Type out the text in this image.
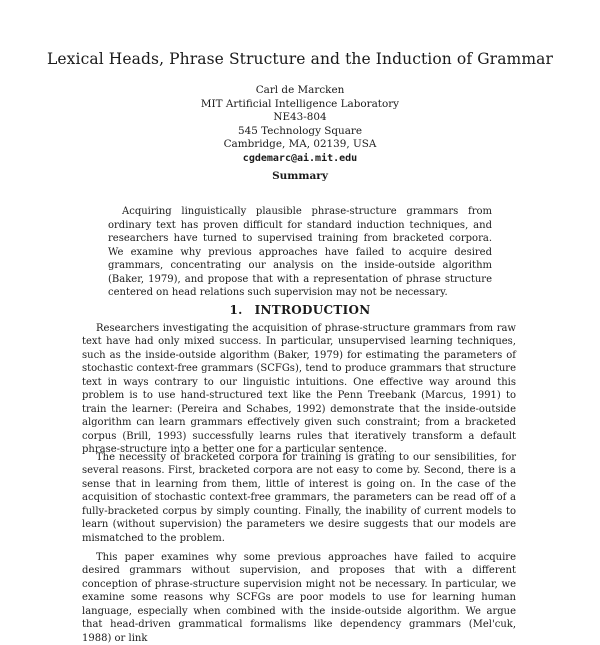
Lexical Heads, Phrase Structure and the Induction of Grammar
Carl de Marcken
MIT Artificial Intelligence Laboratory
NE43-804
545 Technology Square
Cambridge, MA, 02139, USA
cgdemarc@ai.mit.edu
Summary

Acquiring linguistically plausible phrase-structure grammars from ordinary text has proven difficult for standard induction techniques, and researchers have turned to supervised training from bracketed corpora. We examine why previous approaches have failed to acquire desired grammars, concentrating our analysis on the inside-outside algorithm (Baker, 1979), and propose that with a representation of phrase structure centered on head relations such supervision may not be necessary.

1. INTRODUCTION

Researchers investigating the acquisition of phrase-structure grammars from raw text have had only mixed success. In particular, unsupervised learning techniques, such as the inside-outside algorithm (Baker, 1979) for estimating the parameters of stochastic context-free grammars (SCFGs), tend to produce grammars that structure text in ways contrary to our linguistic intuitions. One effective way around this problem is to use hand-structured text like the Penn Treebank (Marcus, 1991) to train the learner: (Pereira and Schabes, 1992) demonstrate that the inside-outside algorithm can learn grammars effectively given such constraint; from a bracketed corpus (Brill, 1993) successfully learns rules that iteratively transform a default phrase-structure into a better one for a particular sentence.

The necessity of bracketed corpora for training is grating to our sensibilities, for several reasons. First, bracketed corpora are not easy to come by. Second, there is a sense that in learning from them, little of interest is going on. In the case of the acquisition of stochastic context-free grammars, the parameters can be read off of a fully-bracketed corpus by simply counting. Finally, the inability of current models to learn (without supervision) the parameters we desire suggests that our models are mismatched to the problem.

This paper examines why some previous approaches have failed to acquire desired grammars without supervision, and proposes that with a different conception of phrase-structure supervision might not be necessary. In particular, we examine some reasons why SCFGs are poor models to use for learning human language, especially when combined with the inside-outside algorithm. We argue that head-driven grammatical formalisms like dependency grammars (Mel'cuk, 1988) or link
